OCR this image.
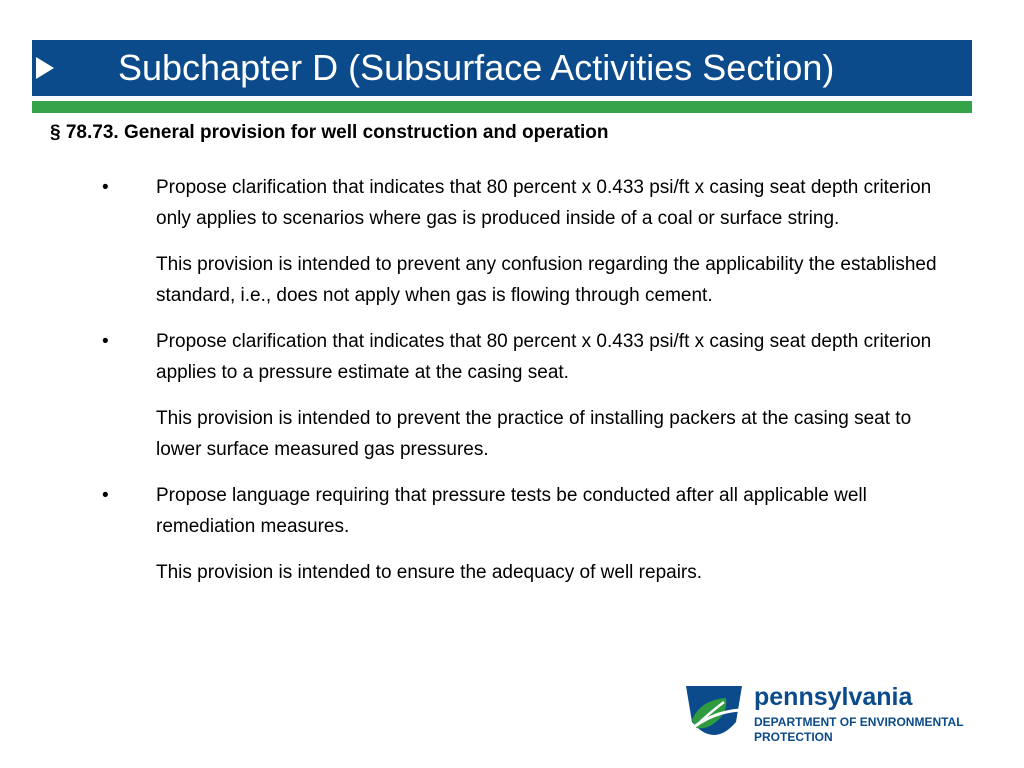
Subchapter D (Subsurface Activities Section)
§ 78.73. General provision for well construction and operation
• Propose clarification that indicates that 80 percent x 0.433 psi/ft x casing seat depth criterion only applies to scenarios where gas is produced inside of a coal or surface string.
This provision is intended to prevent any confusion regarding the applicability the established standard, i.e., does not apply when gas is flowing through cement.
• Propose clarification that indicates that 80 percent x 0.433 psi/ft x casing seat depth criterion applies to a pressure estimate at the casing seat.
This provision is intended to prevent the practice of installing packers at the casing seat to lower surface measured gas pressures.
• Propose language requiring that pressure tests be conducted after all applicable well remediation measures.
This provision is intended to ensure the adequacy of well repairs.
pennsylvania
DEPARTMENT OF ENVIRONMENTAL PROTECTION
